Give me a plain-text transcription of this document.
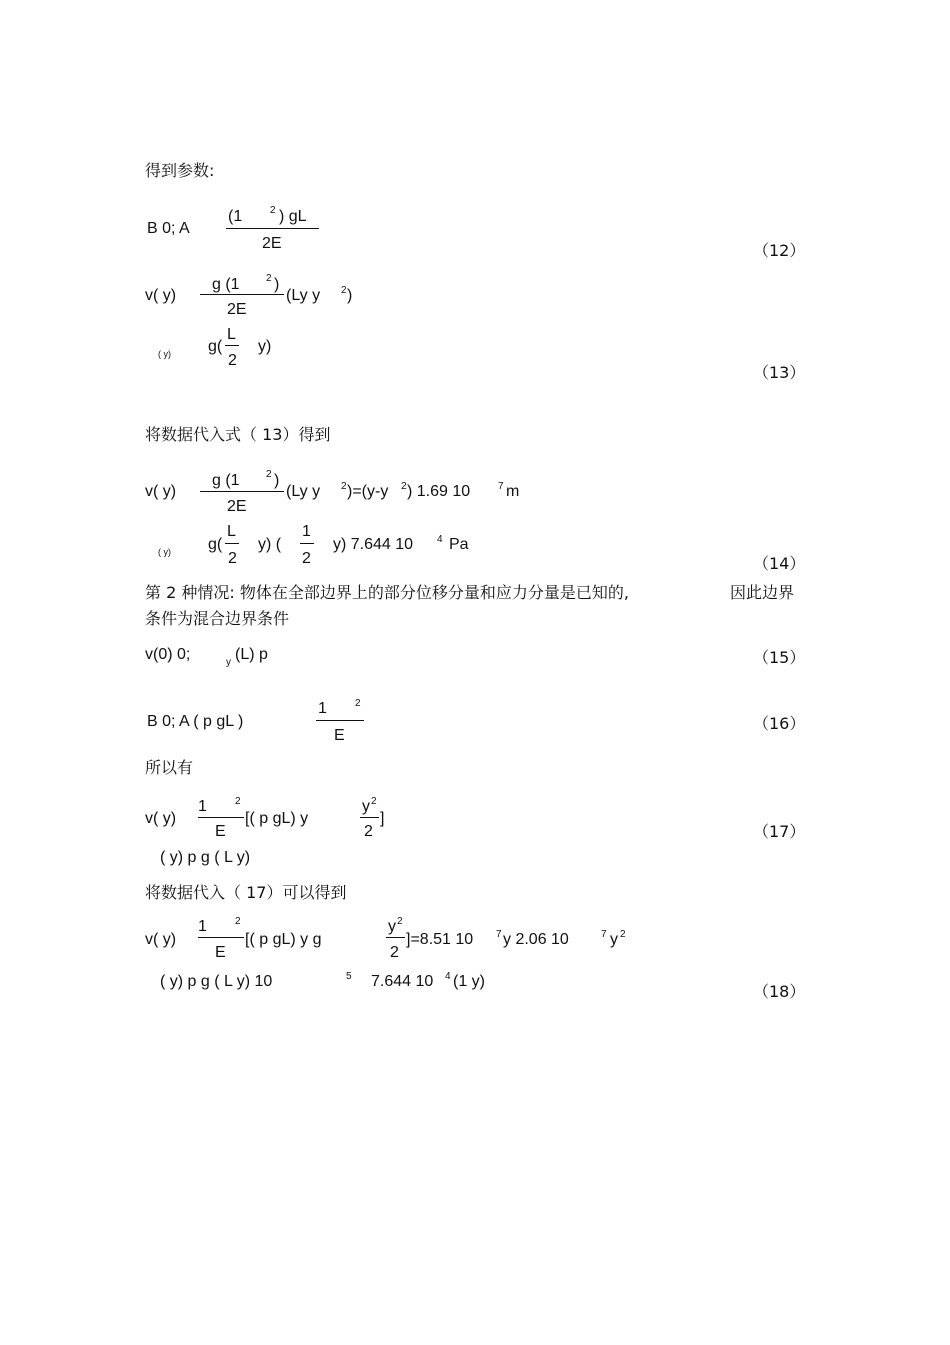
得到参数:
B 0; A
(1	2 ) gL
2E	（12）
v( y)
g (1	2 )
2E
(Ly y 2 )
( y) g(
L
2
y)
（13）
将数据代入式（ 13）得到
v( y)
g (1	2 )
2E
(Ly y 2 )=(y-y 2 ) 1.69 10	7 m
( y) g(
L
2
y) (
1
2
y) 7.644 10 4 Pa
（14）
第 2 种情况: 物体在全部边界上的部分位移分量和应力分量是已知的,	因此边界
条件为混合边界条件
v(0) 0;	y (L) p	（15）
B 0; A ( p gL )
1	2
E
（16）
所以有
v( y)
1	2
E
[( p gL) y
y 2
2
]
（17）
( y) p g ( L y)
将数据代入（ 17）可以得到
v( y)
1	2
E
[( p gL) y g
y 2
2
]=8.51 10 7 y 2.06 10	7 y 2
( y) p g ( L y) 10	5 7.644 10 4 (1 y)
（18）
